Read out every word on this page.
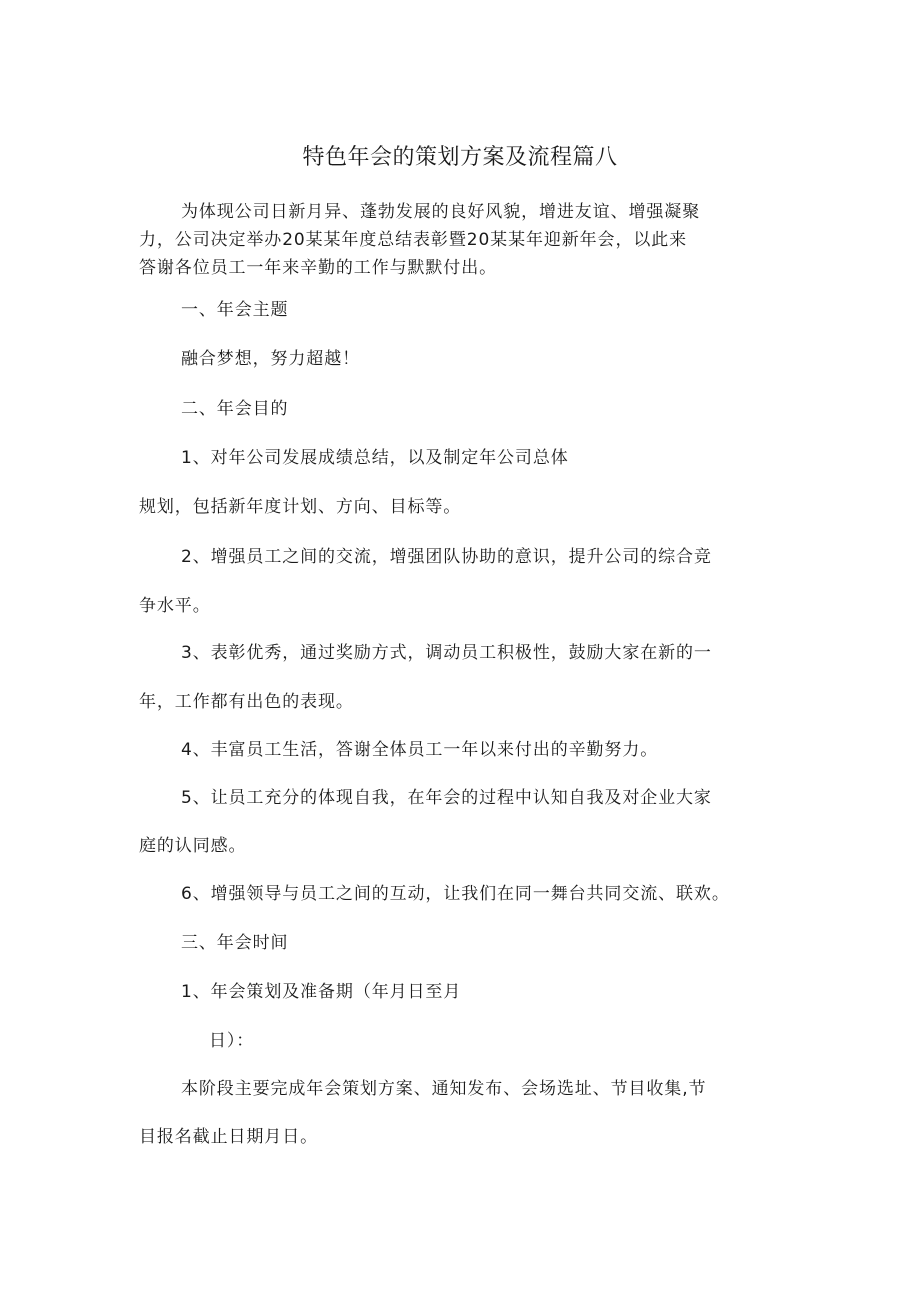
特色年会的策划方案及流程篇八
为体现公司日新月异、蓬勃发展的良好风貌，增进友谊、增强凝聚
力，公司决定举办20某某年度总结表彰暨20某某年迎新年会，以此来
答谢各位员工一年来辛勤的工作与默默付出。
一、年会主题
融合梦想，努力超越！
二、年会目的
1、对年公司发展成绩总结，以及制定年公司总体
规划，包括新年度计划、方向、目标等。
2、增强员工之间的交流，增强团队协助的意识，提升公司的综合竞
争水平。
3、表彰优秀，通过奖励方式，调动员工积极性，鼓励大家在新的一
年，工作都有出色的表现。
4、丰富员工生活，答谢全体员工一年以来付出的辛勤努力。
5、让员工充分的体现自我，在年会的过程中认知自我及对企业大家
庭的认同感。
6、增强领导与员工之间的互动，让我们在同一舞台共同交流、联欢。
三、年会时间
1、年会策划及准备期（年月日至月
日）：
本阶段主要完成年会策划方案、通知发布、会场选址、节目收集,节
目报名截止日期月日。
